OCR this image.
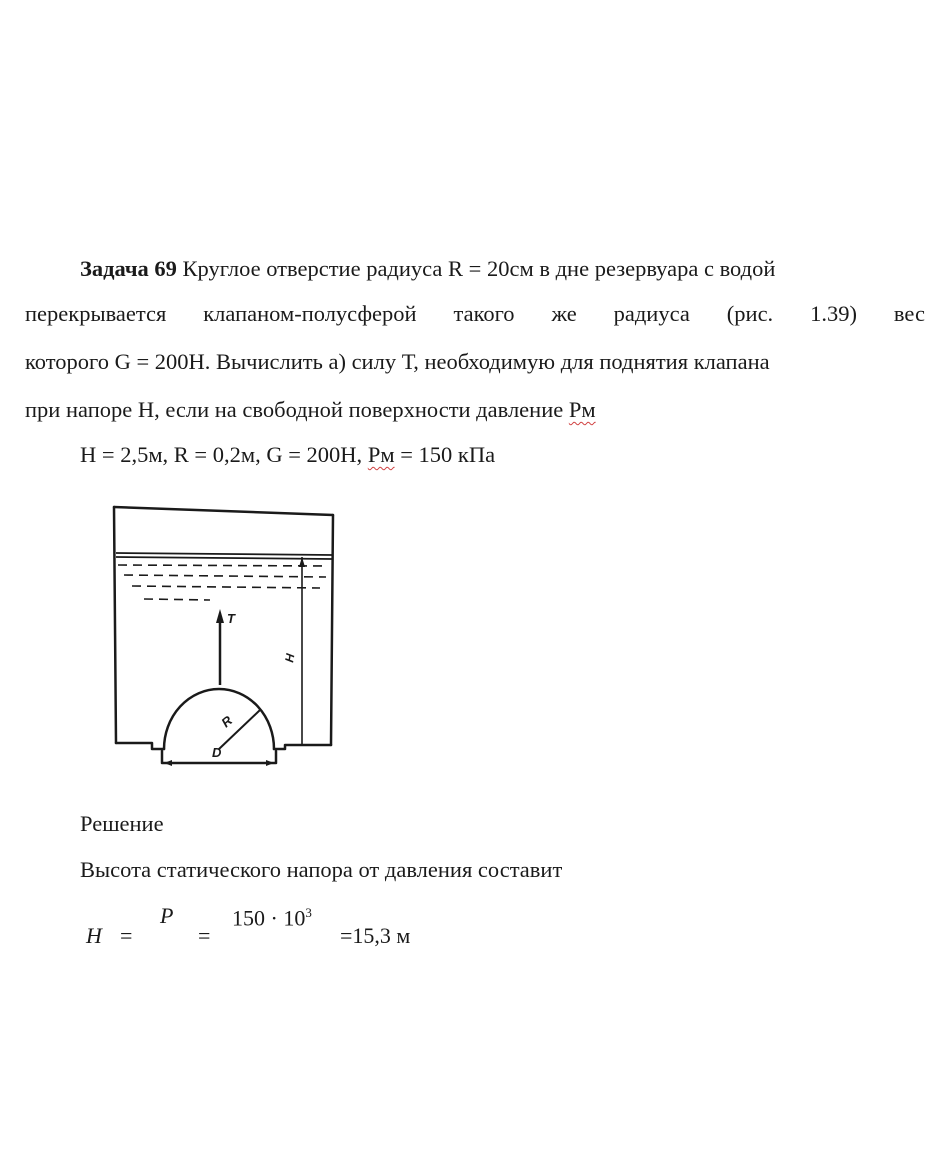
Задача 69 Круглое отверстие радиуса R = 20см в дне резервуара с водой
перекрывается клапаном-полусферой такого же радиуса (рис. 1.39) вес
которого G = 200Н. Вычислить а) силу Т, необходимую для поднятия клапана
при напоре Н, если на свободной поверхности давление Рм
H = 2,5м, R = 0,2м, G = 200Н, Рм = 150 кПа
T
H
R
D
Решение
Высота статического напора от давления составит
H =
P
=
$150 \cdot 10^3$
=15,3 м
